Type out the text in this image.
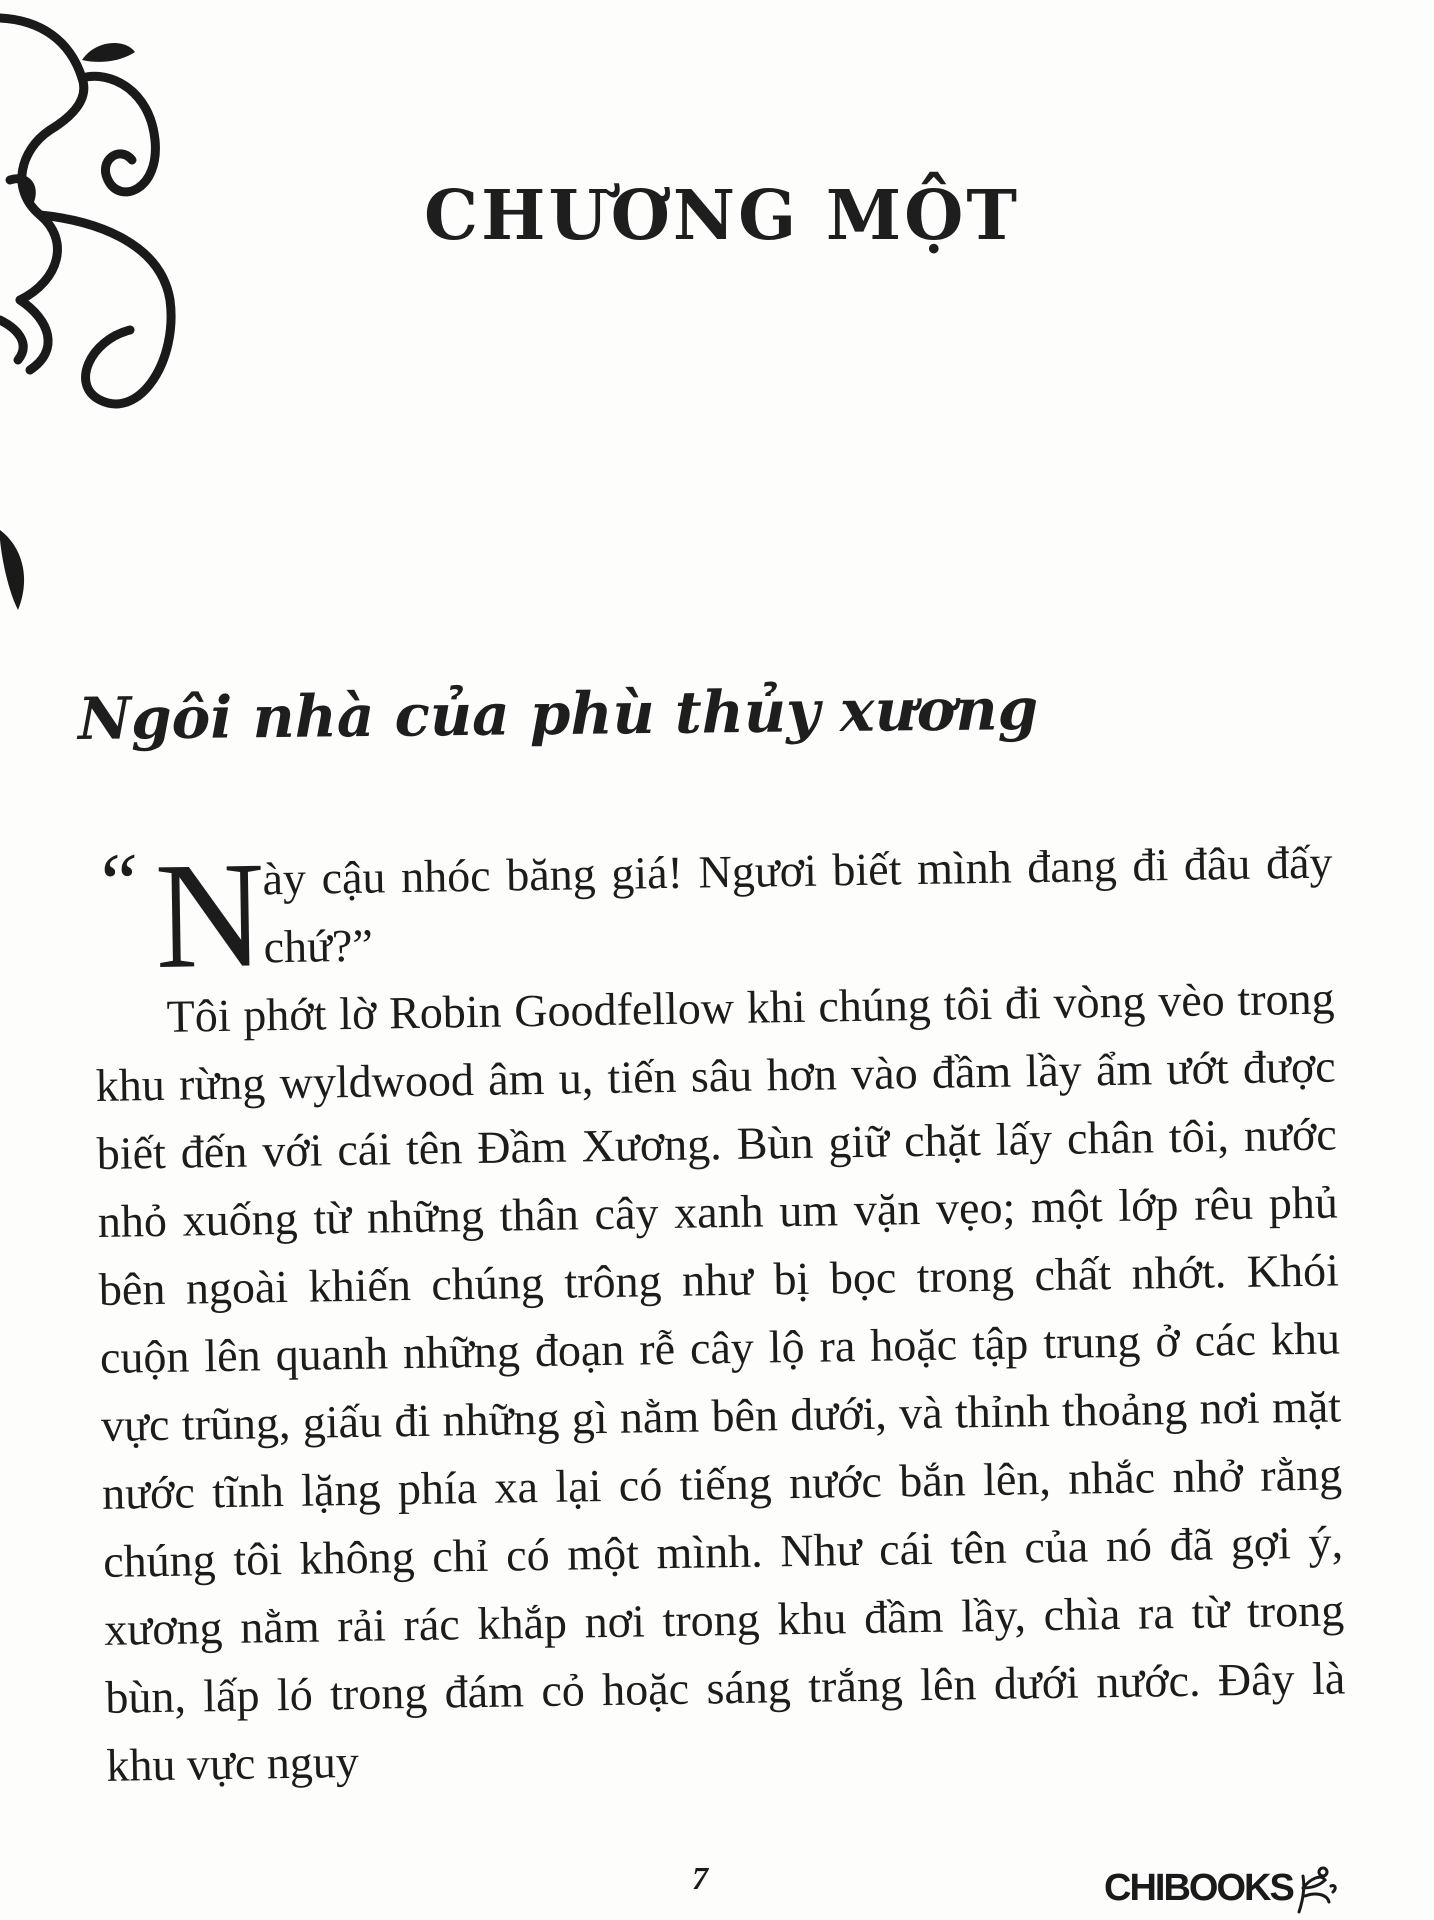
CHƯƠNG MỘT
Ngôi nhà của phù thủy xương
“ N
ày cậu nhóc băng giá! Ngươi biết mình đang đi đâu đấy chứ?”

Tôi phớt lờ Robin Goodfellow khi chúng tôi đi vòng vèo trong khu rừng wyldwood âm u, tiến sâu hơn vào đầm lầy ẩm ướt được biết đến với cái tên Đầm Xương. Bùn giữ chặt lấy chân tôi, nước nhỏ xuống từ những thân cây xanh um vặn vẹo; một lớp rêu phủ bên ngoài khiến chúng trông như bị bọc trong chất nhớt. Khói cuộn lên quanh những đoạn rễ cây lộ ra hoặc tập trung ở các khu vực trũng, giấu đi những gì nằm bên dưới, và thỉnh thoảng nơi mặt nước tĩnh lặng phía xa lại có tiếng nước bắn lên, nhắc nhở rằng chúng tôi không chỉ có một mình. Như cái tên của nó đã gợi ý, xương nằm rải rác khắp nơi trong khu đầm lầy, chìa ra từ trong bùn, lấp ló trong đám cỏ hoặc sáng trắng lên dưới nước. Đây là khu vực nguy

7	CHIBOOKS
